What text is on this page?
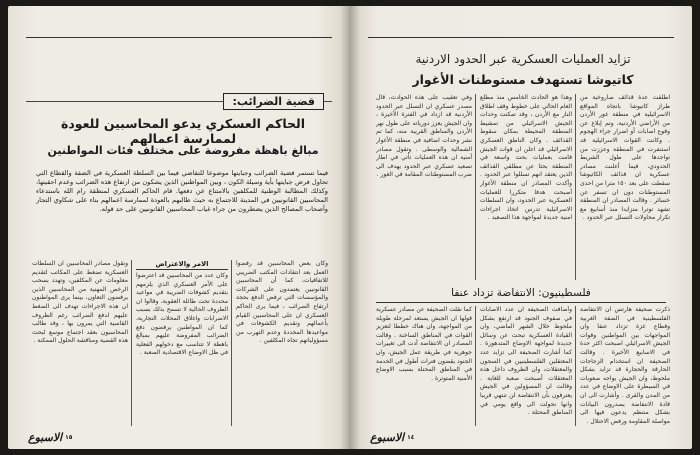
قضية الضرائب:
الحاكم العسكري يدعو المحاسبين للعودة لممارسة اعمالهم
مبالغ باهظة مفروضة على مختلف فئات المواطنين
فيما تستمر قضية الضرائب وجبايتها موضوعا للتقاضي فيما بين السلطة العسكرية في الضفة والقطاع التي تحاول فرض جبايتها بأية وسيلة الكون ، وبين المواطنين الذين يشكون من ارتفاع هذه الضرائب وعدم احقيتها، وكذلك المطالبة الوطنية للمكلفين بالامتناع عن دفعها. قام الحاكم العسكري لمنطقة رام الله باستدعاء المحاسبين القانونيين في المدينة للاجتماع به حيث طالبهم بالعودة لممارسة اعمالهم بناء على شكاوي التجار وأصحاب المصالح الذين يضطرون من جراء غياب المحاسبين القانونيين على حد قوله.
وكان بعض المحاسبين قد رفضوا العمل بعد انتقادات المكتب الضريبي للاتفاقيات، كما أن المحاسبين القانونيين يعتمدون على الشركات والمؤسسات التي ترفض الدفع بحجة ارتفاع الضرائب ، فيما يرى الحاكم العسكري ان على المحاسبين القيام بأعمالهم وتقديم الكشوفات في مواعيدها المحددة وعدم التهرب من مسؤولياتهم تجاه المكلفين .
الامر والاعتراض
وكان عدد من المحاسبين قد اعترضوا على الأمر العسكري الذي يلزمهم بتقديم كشوفات الضريبة في مواعيد محددة تحت طائلة العقوبة، وقالوا ان الظروف الحالية لا تسمح بذلك بسبب الاضرابات واغلاق المحلات التجارية، كما ان المواطنين يرفضون دفع الضرائب المفروضة عليهم بمبالغ باهظة لا تتناسب مع دخولهم الفعلية في ظل الاوضاع الاقتصادية الصعبة .
وتقول مصادر المحاسبين ان السلطات العسكرية تضغط على المكاتب لتقديم معلومات عن المكلفين، وتهدد بسحب الرخص المهنية من المحاسبين الذين يرفضون التعاون، بينما يرى المواطنون ان هذه الاجراءات تهدف الى الضغط عليهم لدفع الضرائب رغم الظروف القاسية التي يمرون بها ، وقد طالب المحاسبون بعقد اجتماع موسع لبحث هذه القضية ومناقشة الحلول الممكنة .
الاسبوع ١٥
تزايد العمليات العسكرية عبر الحدود الاردنية
كاتيوشا تستهدف مستوطنات الأغوار
اطلقت عدة قذائف صاروخية من طراز كاتيوشا باتجاه المواقع الاسرائيلية في منطقة غور الأردن من الأراضي الأردنية، وتم إبلاغ عن وقوع اصابات أو اضرار جراء الهجوم . وكانت القوات الاسرائيلية قد استنفرت في المنطقة وعززت من تواجدها على طول الشريط الحدودي، فيما أعلنت مصادر عسكرية ان قذائف الكاتيوشا سقطت على بعد ١٥٠ مترا من احدى المستوطنات دون ان تسفر عن خسائر . وقالت المصادر ان المنطقة تشهد توترا متزايدا منذ أسابيع مع تكرار محاولات التسلل عبر الحدود .
وهذا هو الحادث الخامس منذ مطلع العام الحالي على خطوط وقف اطلاق النار مع الأردن ، وقد تمكنت وحدات الجيش الاسرائيلي من تمشيط المنطقة المحيطة بمكان سقوط القذائف . وكان الناطق العسكري الاسرائيلي قد اعلن ان قوات الجيش قامت بعمليات بحث واسعة في المنطقة بحثا عن مطلقي القذائف الذين يعتقد انهم تسللوا عبر الحدود . وأكدت المصادر ان منطقة الأغوار أصبحت هدفا متكررا للعمليات العسكرية عبر الحدود، وان السلطات الاسرائيلية تدرس اتخاذ اجراءات امنية جديدة لمواجهة هذا التصعيد .
وفي تعقيب على هذه الحوادث، قال مصدر عسكري ان التسلل عبر الحدود الأردنية قد ازداد في الفترة الأخيرة ، وان الجيش يعزز دورياته على طول نهر الأردن والمناطق القريبة منه، كما تم نشر وحدات اضافية في منطقة الأغوار الشمالية والوسطى . وتقول مصادر أمنية ان هذه العمليات تأتي في اطار تصعيد عسكري عبر الحدود يهدف الى ضرب المستوطنات المقامة في الغور .
فلسطينيون: الانتفاضة تزداد عنفا
ذكرت صحيفة هآرتس ان الانتفاضة الفلسطينية في الضفة الغربية وقطاع غزة تزداد عنفا وان المواجهات بين المواطنين وقوات الجيش الاسرائيلي اصبحت اكثر حدة في الاسابيع الأخيرة . وقالت الصحيفة ان استخدام الزجاجات الحارقة والحجارة قد تزايد بشكل ملحوظ، وان الجيش يواجه صعوبات في السيطرة على الاوضاع في عدد من المدن والقرى . وأشارت الى ان قادة الانتفاضة يصدرون البيانات بشكل منتظم يدعون فيها الى مواصلة المقاومة ورفض الاحتلال .
وأضافت الصحيفة ان عدد الاصابات في صفوف الجنود قد ارتفع بشكل ملحوظ خلال الشهر الماضي، وان القيادة العسكرية تبحث عن وسائل جديدة لمواجهة الاوضاع المتدهورة . كما أشارت الصحيفة الى تزايد عدد المعتقلين الفلسطينيين في السجون والمعتقلات، وان الظروف داخل هذه المعتقلات أصبحت صعبة للغاية . وقالت ان المسؤولين في الجيش يعترفون بأن الانتفاضة لن تنتهي قريبا وانها تحولت الى واقع يومي في المناطق المحتلة .
كما نقلت الصحيفة عن مصادر عسكرية قولها ان الجيش يستعد لمرحلة طويلة من المواجهة، وان هناك خططا لتعزيز القوات في المناطق الساخنة . وقالت المصادر ان الانتفاضة أدت الى تغييرات جوهرية في طريقة عمل الجيش، وان الجنود يقضون فترات أطول في الخدمة في المناطق المحتلة بسبب الاوضاع الأمنية المتوترة .
الاسبوع ١٤
